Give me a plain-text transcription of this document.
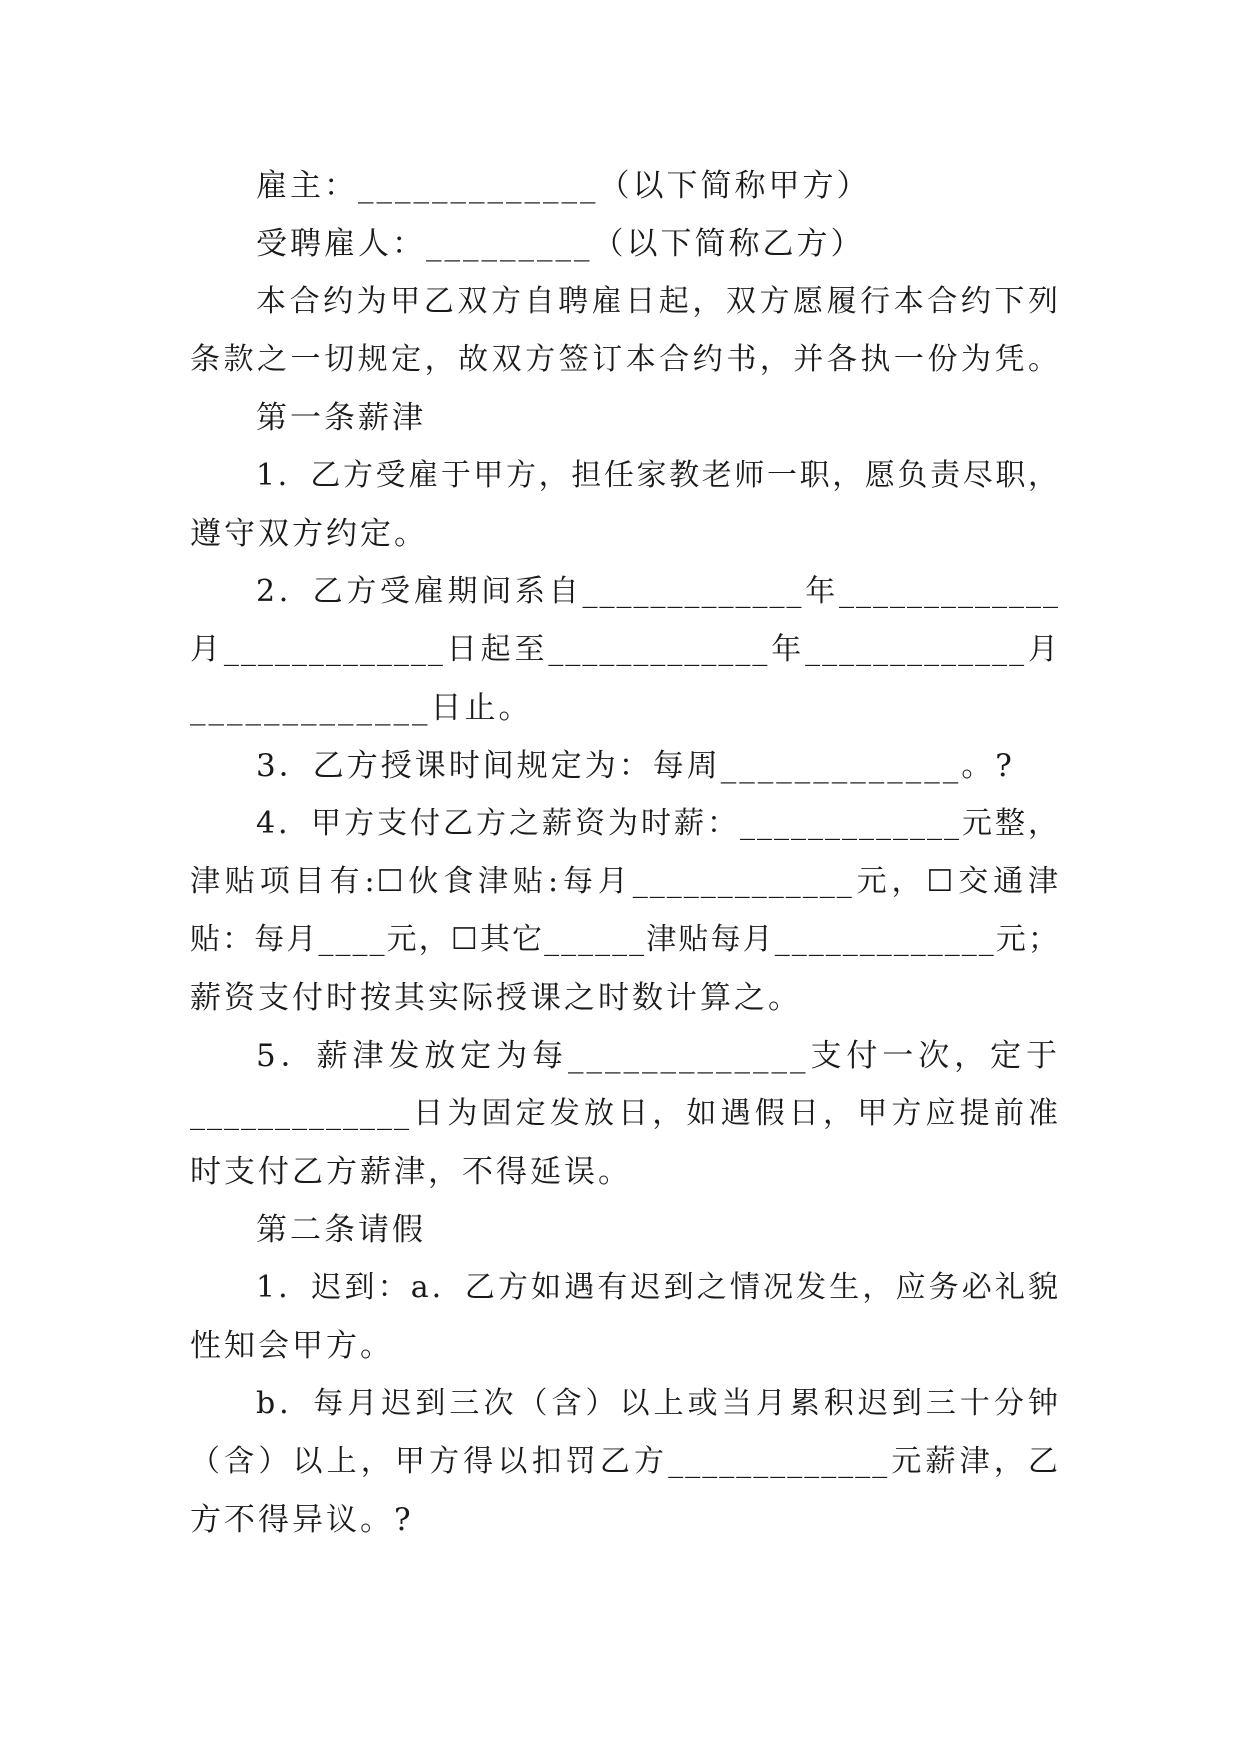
雇主：_____________（以下简称甲方）
受聘雇人：_________（以下简称乙方）
本合约为甲乙双方自聘雇日起，双方愿履行本合约下列
条款之一切规定，故双方签订本合约书，并各执一份为凭。
第一条薪津
1．乙方受雇于甲方，担任家教老师一职，愿负责尽职，
遵守双方约定。
2．乙方受雇期间系自_____________年_____________
月_____________日起至_____________年_____________月
_____________日止。
3．乙方授课时间规定为：每周_____________。?
4．甲方支付乙方之薪资为时薪：_____________元整，
津贴项目有:☐伙食津贴:每月_____________元，☐交通津
贴：每月____元，☐其它______津贴每月_____________元；
薪资支付时按其实际授课之时数计算之。
5．薪津发放定为每_____________支付一次，定于
_____________日为固定发放日，如遇假日，甲方应提前准
时支付乙方薪津，不得延误。
第二条请假
1．迟到：a．乙方如遇有迟到之情况发生，应务必礼貌
性知会甲方。
b．每月迟到三次（含）以上或当月累积迟到三十分钟
（含）以上，甲方得以扣罚乙方_____________元薪津，乙
方不得异议。?
